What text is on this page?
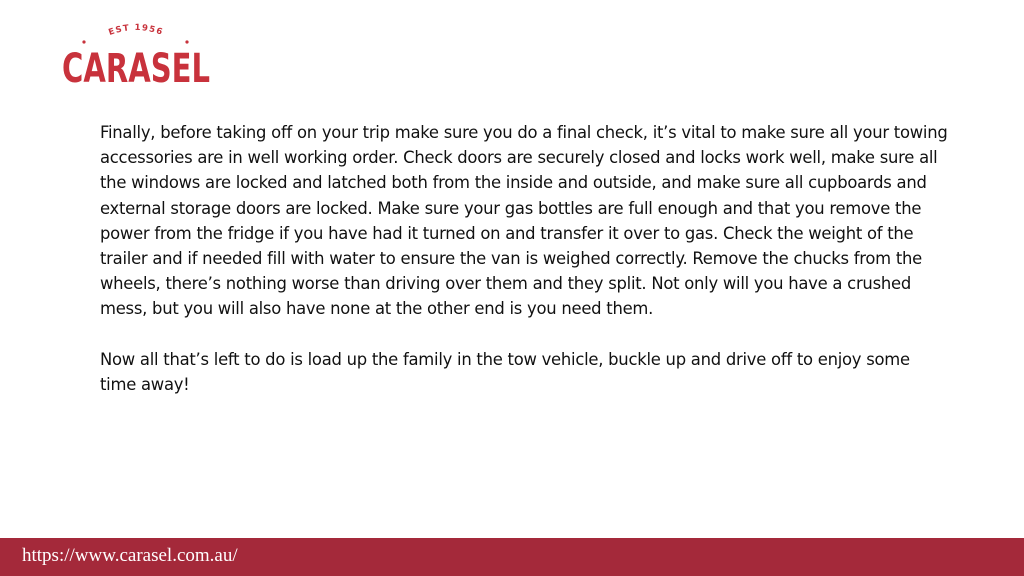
EST 1956
CARASEL

Finally, before taking off on your trip make sure you do a final check, it’s vital to make sure all your towing accessories are in well working order. Check doors are securely closed and locks work well, make sure all the windows are locked and latched both from the inside and outside, and make sure all cupboards and external storage doors are locked. Make sure your gas bottles are full enough and that you remove the power from the fridge if you have had it turned on and transfer it over to gas. Check the weight of the trailer and if needed fill with water to ensure the van is weighed correctly. Remove the chucks from the wheels, there’s nothing worse than driving over them and they split. Not only will you have a crushed mess, but you will also have none at the other end is you need them.

Now all that’s left to do is load up the family in the tow vehicle, buckle up and drive off to enjoy some time away!

https://www.carasel.com.au/
